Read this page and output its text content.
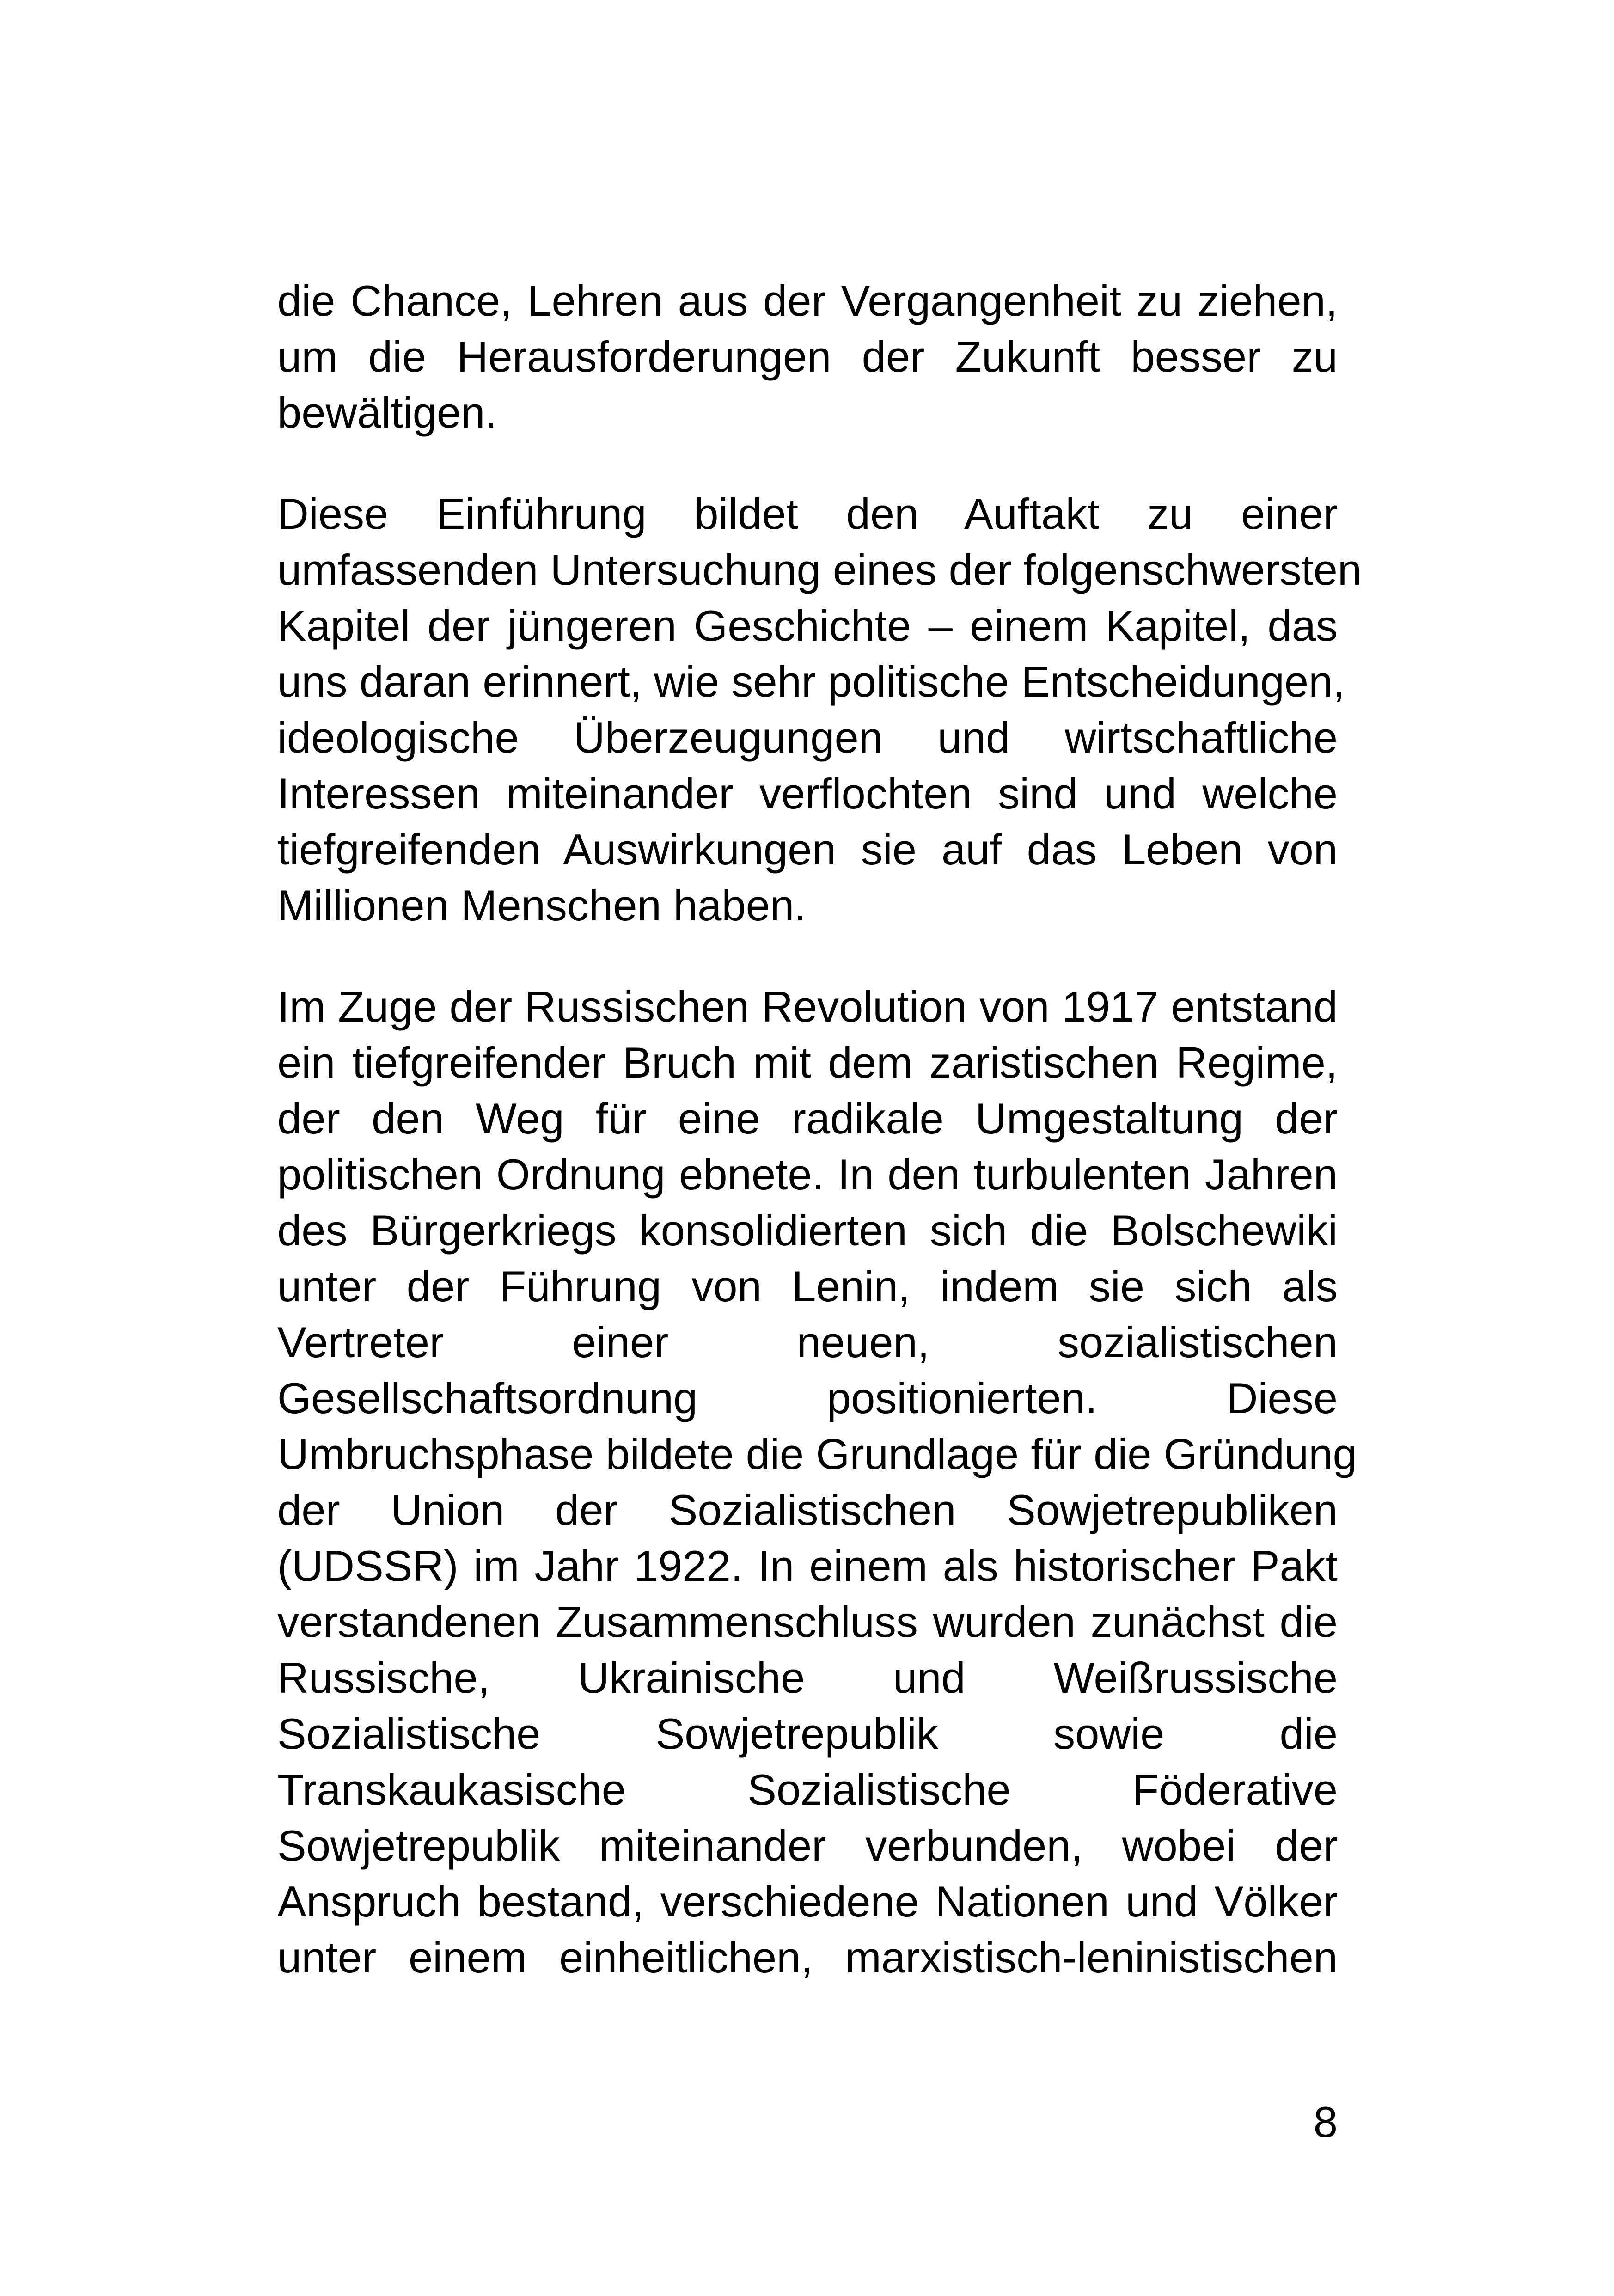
die Chance, Lehren aus der Vergangenheit zu ziehen,
um die Herausforderungen der Zukunft besser zu
bewältigen.
Diese Einführung bildet den Auftakt zu einer
umfassenden Untersuchung eines der folgenschwersten
Kapitel der jüngeren Geschichte – einem Kapitel, das
uns daran erinnert, wie sehr politische Entscheidungen,
ideologische Überzeugungen und wirtschaftliche
Interessen miteinander verflochten sind und welche
tiefgreifenden Auswirkungen sie auf das Leben von
Millionen Menschen haben.
Im Zuge der Russischen Revolution von 1917 entstand
ein tiefgreifender Bruch mit dem zaristischen Regime,
der den Weg für eine radikale Umgestaltung der
politischen Ordnung ebnete. In den turbulenten Jahren
des Bürgerkriegs konsolidierten sich die Bolschewiki
unter der Führung von Lenin, indem sie sich als
Vertreter einer neuen, sozialistischen
Gesellschaftsordnung positionierten. Diese
Umbruchsphase bildete die Grundlage für die Gründung
der Union der Sozialistischen Sowjetrepubliken
(UDSSR) im Jahr 1922. In einem als historischer Pakt
verstandenen Zusammenschluss wurden zunächst die
Russische, Ukrainische und Weißrussische
Sozialistische Sowjetrepublik sowie die
Transkaukasische Sozialistische Föderative
Sowjetrepublik miteinander verbunden, wobei der
Anspruch bestand, verschiedene Nationen und Völker
unter einem einheitlichen, marxistisch-leninistischen
8
